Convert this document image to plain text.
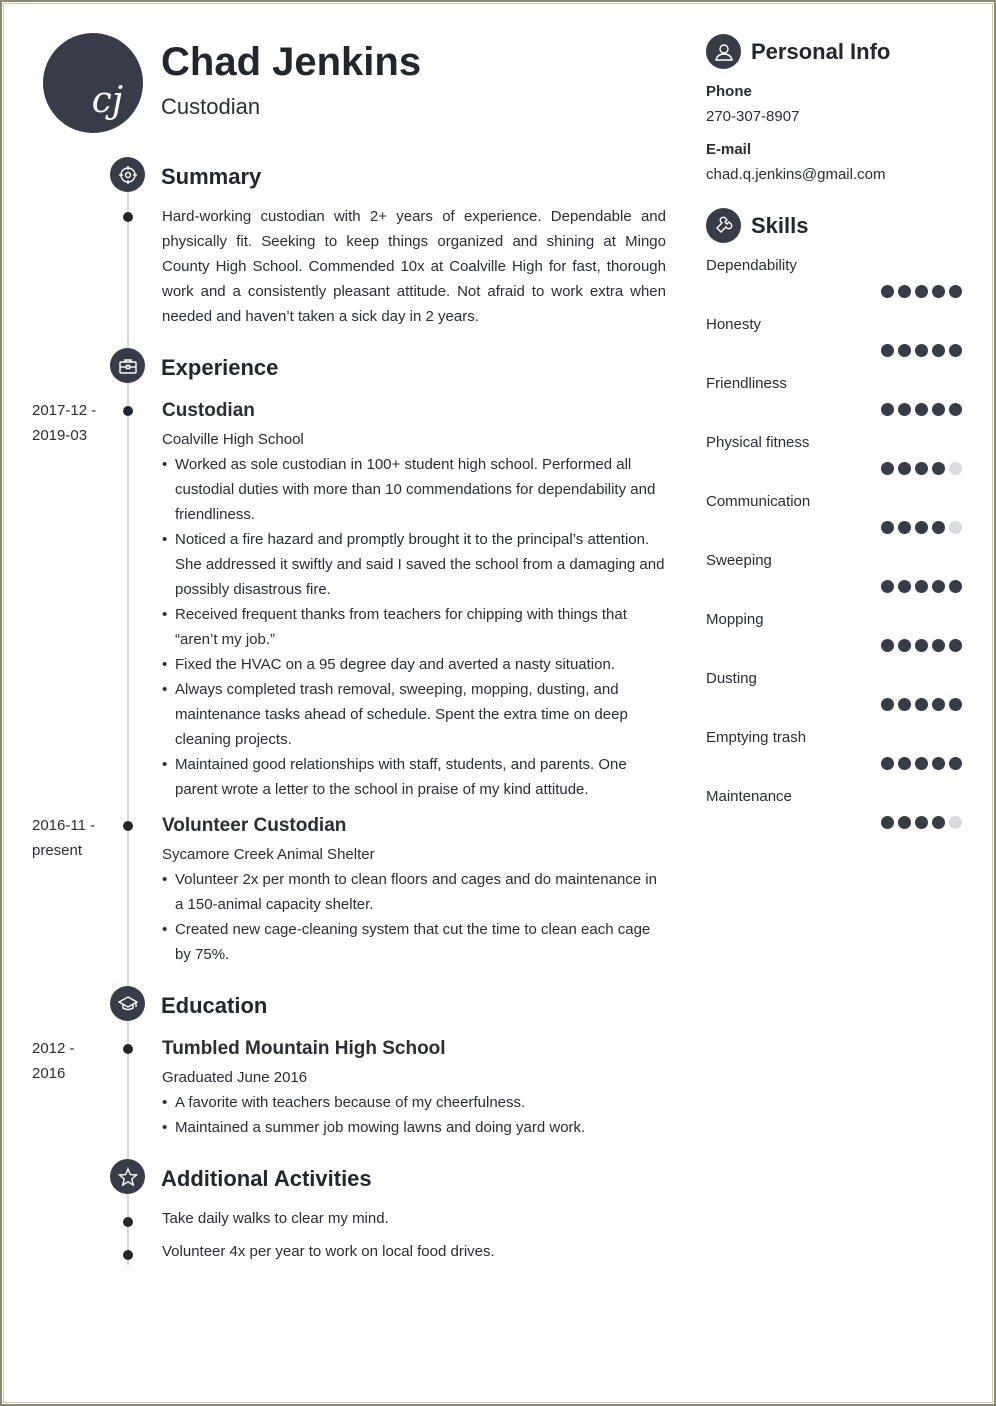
cj
Chad Jenkins
Custodian
Summary
Hard-working custodian with 2+ years of experience. Dependable and physically fit. Seeking to keep things organized and shining at Mingo County High School. Commended 10x at Coalville High for fast, thorough work and a consistently pleasant attitude. Not afraid to work extra when needed and haven’t taken a sick day in 2 years.
Experience
2017-12 -
2019-03
Custodian
Coalville High School
• Worked as sole custodian in 100+ student high school. Performed all custodial duties with more than 10 commendations for dependability and friendliness.
• Noticed a fire hazard and promptly brought it to the principal’s attention. She addressed it swiftly and said I saved the school from a damaging and possibly disastrous fire.
• Received frequent thanks from teachers for chipping with things that “aren’t my job.”
• Fixed the HVAC on a 95 degree day and averted a nasty situation.
• Always completed trash removal, sweeping, mopping, dusting, and maintenance tasks ahead of schedule. Spent the extra time on deep cleaning projects.
• Maintained good relationships with staff, students, and parents. One parent wrote a letter to the school in praise of my kind attitude.
2016-11 -
present
Volunteer Custodian
Sycamore Creek Animal Shelter
• Volunteer 2x per month to clean floors and cages and do maintenance in a 150-animal capacity shelter.
• Created new cage-cleaning system that cut the time to clean each cage by 75%.
Education
2012 -
2016
Tumbled Mountain High School
Graduated June 2016
• A favorite with teachers because of my cheerfulness.
• Maintained a summer job mowing lawns and doing yard work.
Additional Activities
Take daily walks to clear my mind.
Volunteer 4x per year to work on local food drives.
Personal Info
Phone
270-307-8907
E-mail
chad.q.jenkins@gmail.com
Skills
Dependability
Honesty
Friendliness
Physical fitness
Communication
Sweeping
Mopping
Dusting
Emptying trash
Maintenance
